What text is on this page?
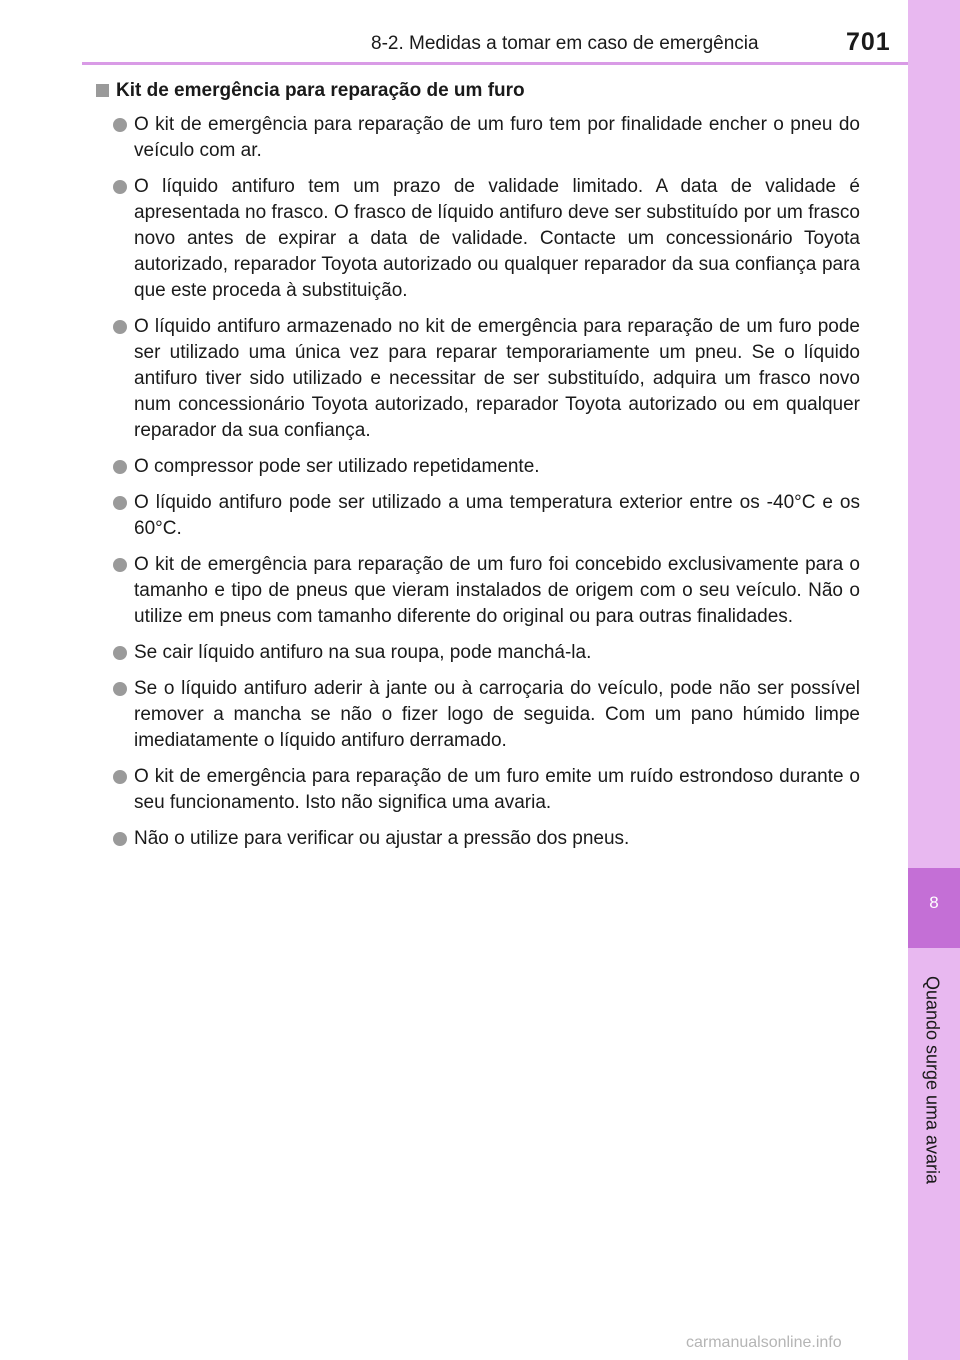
8-2. Medidas a tomar em caso de emergência	701
8
Quando surge uma avaria
Kit de emergência para reparação de um furo
O kit de emergência para reparação de um furo tem por finalidade encher o pneu do veículo com ar.
O líquido antifuro tem um prazo de validade limitado. A data de validade é apresentada no frasco. O frasco de líquido antifuro deve ser substituído por um frasco novo antes de expirar a data de validade. Contacte um concessionário Toyota autorizado, reparador Toyota autorizado ou qualquer reparador da sua confiança para que este proceda à substituição.
O líquido antifuro armazenado no kit de emergência para reparação de um furo pode ser utilizado uma única vez para reparar temporariamente um pneu. Se o líquido antifuro tiver sido utilizado e necessitar de ser substituído, adquira um frasco novo num concessionário Toyota autorizado, reparador Toyota autorizado ou em qualquer reparador da sua confiança.
O compressor pode ser utilizado repetidamente.
O líquido antifuro pode ser utilizado a uma temperatura exterior entre os -40°C e os 60°C.
O kit de emergência para reparação de um furo foi concebido exclusivamente para o tamanho e tipo de pneus que vieram instalados de origem com o seu veículo. Não o utilize em pneus com tamanho diferente do original ou para outras finalidades.
Se cair líquido antifuro na sua roupa, pode manchá-la.
Se o líquido antifuro aderir à jante ou à carroçaria do veículo, pode não ser possível remover a mancha se não o fizer logo de seguida. Com um pano húmido limpe imediatamente o líquido antifuro derramado.
O kit de emergência para reparação de um furo emite um ruído estrondoso durante o seu funcionamento. Isto não significa uma avaria.
Não o utilize para verificar ou ajustar a pressão dos pneus.
carmanualsonline.info
